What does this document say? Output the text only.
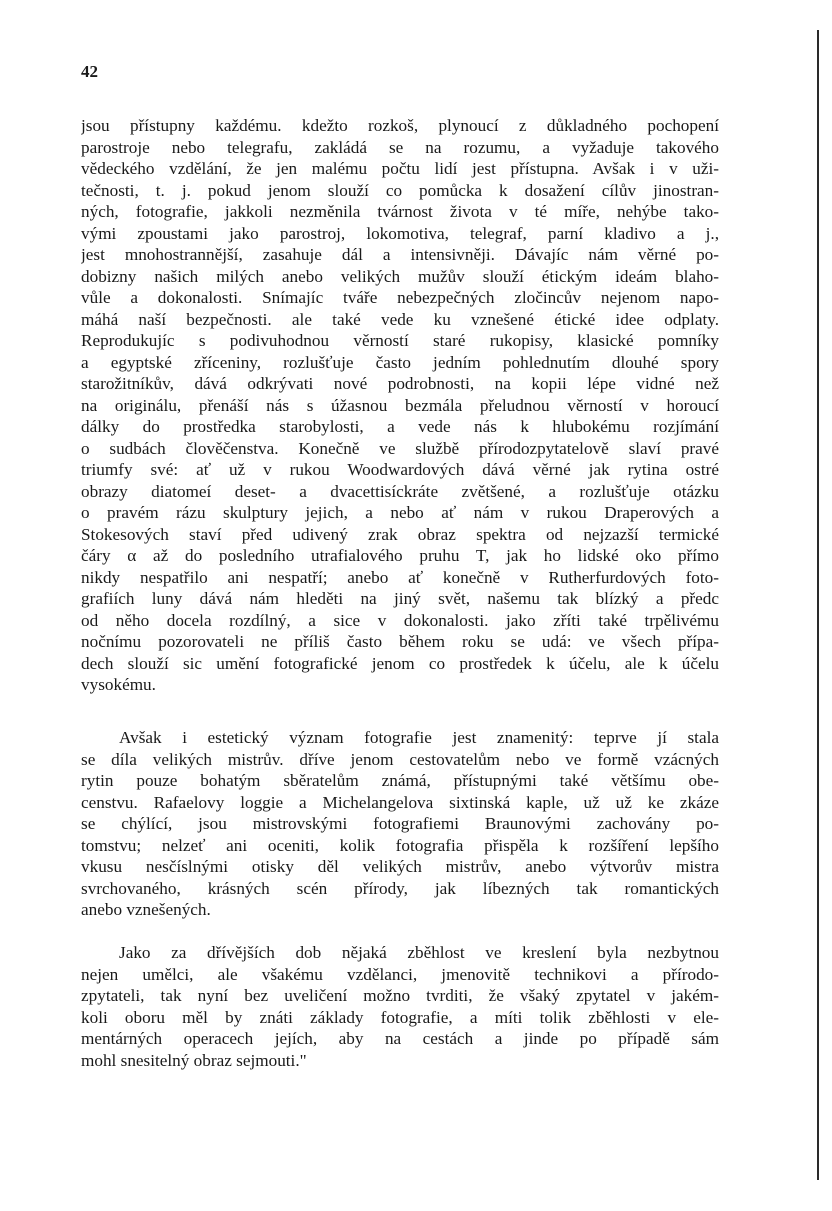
42
jsou přístupny každému. kdežto rozkoš, plynoucí z důkladného pochopení
parostroje nebo telegrafu, zakládá se na rozumu, a vyžaduje takového
vědeckého vzdělání, že jen malému počtu lidí jest přístupna. Avšak i v uži-
tečnosti, t. j. pokud jenom slouží co pomůcka k dosažení cílův jinostran-
ných, fotografie, jakkoli nezměnila tvárnost života v té míře, nehýbe tako-
vými zpoustami jako parostroj, lokomotiva, telegraf, parní kladivo a j.,
jest mnohostrannější, zasahuje dál a intensivněji. Dávajíc nám věrné po-
dobizny našich milých anebo velikých mužův slouží étickým ideám blaho-
vůle a dokonalosti. Snímajíc tváře nebezpečných zločincův nejenom napo-
máhá naší bezpečnosti. ale také vede ku vznešené étické idee odplaty.
Reprodukujíc s podivuhodnou věrností staré rukopisy, klasické pomníky
a egyptské zříceniny, rozlušťuje často jedním pohlednutím dlouhé spory
starožitníkův, dává odkrývati nové podrobnosti, na kopii lépe vidné než
na originálu, přenáší nás s úžasnou bezmála přeludnou věrností v horoucí
dálky do prostředka starobylosti, a vede nás k hlubokému rozjímání
o sudbách člověčenstva. Konečně ve službě přírodozpytatelově slaví pravé
triumfy své: ať už v rukou Woodwardových dává věrné jak rytina ostré
obrazy diatomeí deset- a dvacettisíckráte zvětšené, a rozlušťuje otázku
o pravém rázu skulptury jejich, a nebo ať nám v rukou Draperových a
Stokesových staví před udivený zrak obraz spektra od nejzazší termické
čáry α až do posledního utrafialového pruhu T, jak ho lidské oko přímo
nikdy nespatřilo ani nespatří; anebo ať konečně v Rutherfurdových foto-
grafiích luny dává nám hleděti na jiný svět, našemu tak blízký a předc
od něho docela rozdílný, a sice v dokonalosti. jako zříti také trpělivému
nočnímu pozorovateli ne příliš často během roku se udá: ve všech přípa-
dech slouží sic umění fotografické jenom co prostředek k účelu, ale k účelu
vysokému.
Avšak i estetický význam fotografie jest znamenitý: teprve jí stala
se díla velikých mistrův. dříve jenom cestovatelům nebo ve formě vzácných
rytin pouze bohatým sběratelům známá, přístupnými také většímu obe-
censtvu. Rafaelovy loggie a Michelangelova sixtinská kaple, už už ke zkáze
se chýlící, jsou mistrovskými fotografiemi Braunovými zachovány po-
tomstvu; nelzeť ani oceniti, kolik fotografia přispěla k rozšíření lepšího
vkusu nesčíslnými otisky děl velikých mistrův, anebo výtvorův mistra
svrchovaného, krásných scén přírody, jak líbezných tak romantických
anebo vznešených.
Jako za dřívějších dob nějaká zběhlost ve kreslení byla nezbytnou
nejen umělci, ale všakému vzdělanci, jmenovitě technikovi a přírodo-
zpytateli, tak nyní bez uveličení možno tvrditi, že všaký zpytatel v jakém-
koli oboru měl by znáti základy fotografie, a míti tolik zběhlosti v ele-
mentárných operacech jejích, aby na cestách a jinde po případě sám
mohl snesitelný obraz sejmouti."
